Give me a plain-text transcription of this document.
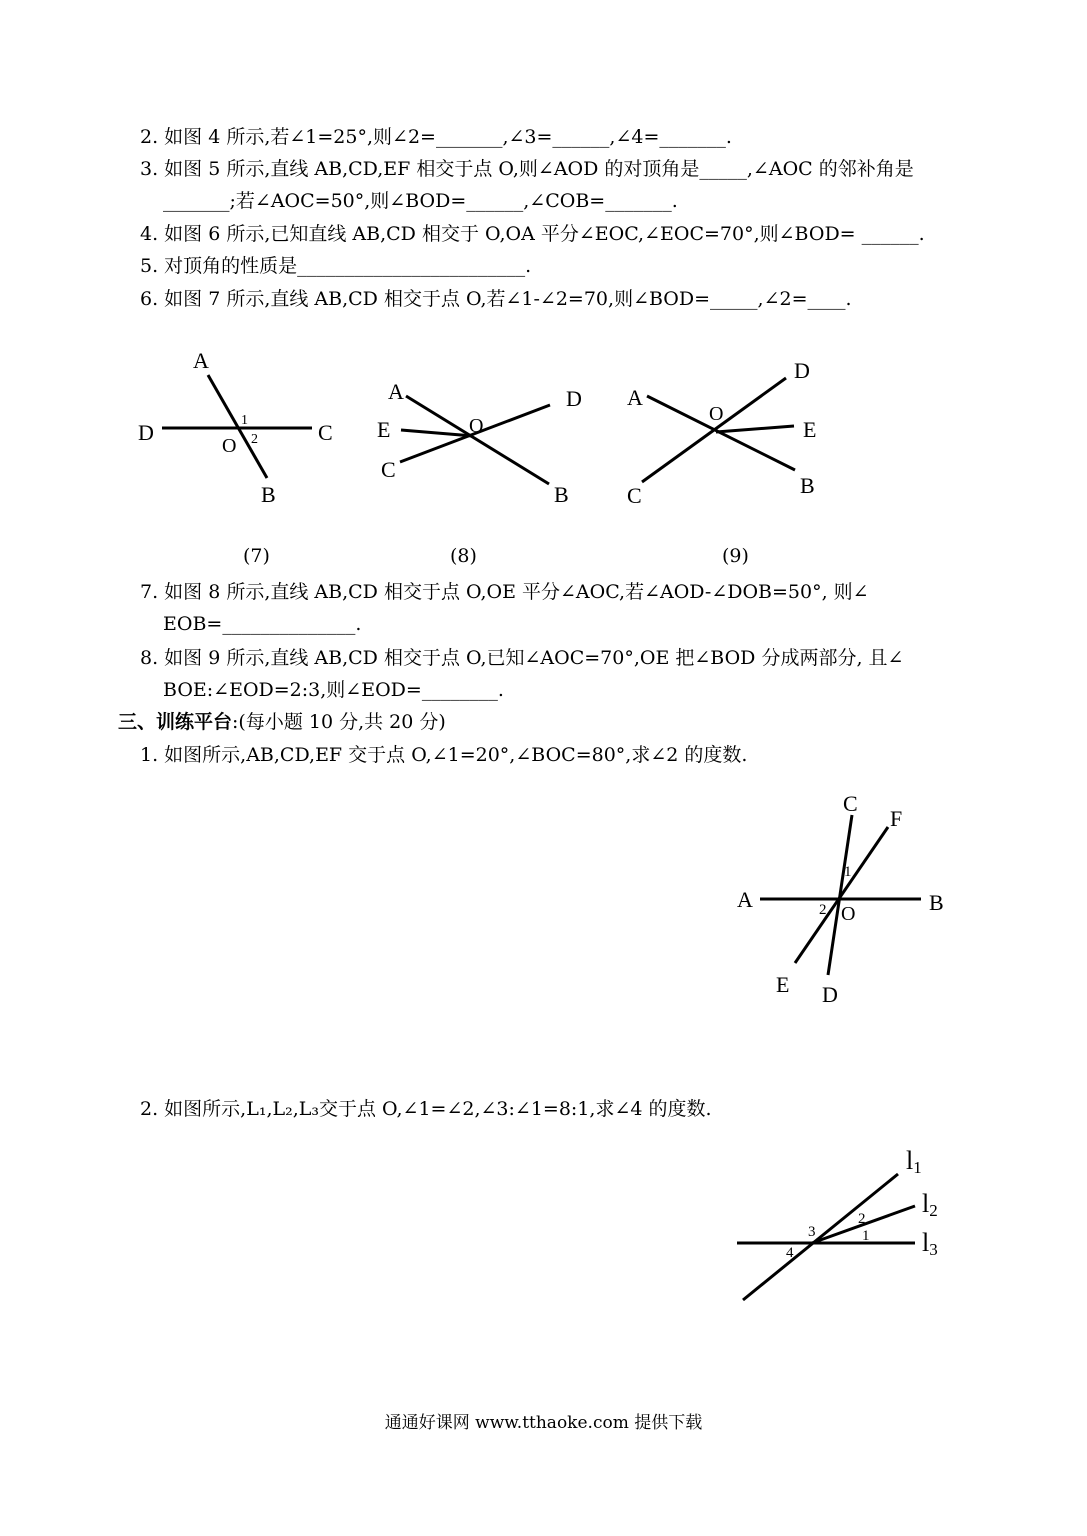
2. 如图 4 所示,若∠1=25°,则∠2=_______,∠3=______,∠4=_______.
3. 如图 5 所示,直线 AB,CD,EF 相交于点 O,则∠AOD 的对顶角是_____,∠AOC 的邻补角是
_______;若∠AOC=50°,则∠BOD=______,∠COB=_______.
4. 如图 6 所示,已知直线 AB,CD 相交于 O,OA 平分∠EOC,∠EOC=70°,则∠BOD= ______.
5. 对顶角的性质是________________________.
6. 如图 7 所示,直线 AB,CD 相交于点 O,若∠1-∠2=70,则∠BOD=_____,∠2=____.
A
D	C
O
1
2
B
A
E
C
O
D
B
A
O
D
E
B
C
C
F
A	B
1
2 O
E D
l1
l2
l3
3
2
1
4
(7)	(8)	(9)
7. 如图 8 所示,直线 AB,CD 相交于点 O,OE 平分∠AOC,若∠AOD-∠DOB=50°, 则∠
EOB=______________.
8. 如图 9 所示,直线 AB,CD 相交于点 O,已知∠AOC=70°,OE 把∠BOD 分成两部分, 且∠
BOE:∠EOD=2:3,则∠EOD=________.
三、训练平台:(每小题 10 分,共 20 分)
1. 如图所示,AB,CD,EF 交于点 O,∠1=20°,∠BOC=80°,求∠2 的度数.
2. 如图所示,L₁,L₂,L₃交于点 O,∠1=∠2,∠3:∠1=8:1,求∠4 的度数.
通通好课网 www.tthaoke.com 提供下载
